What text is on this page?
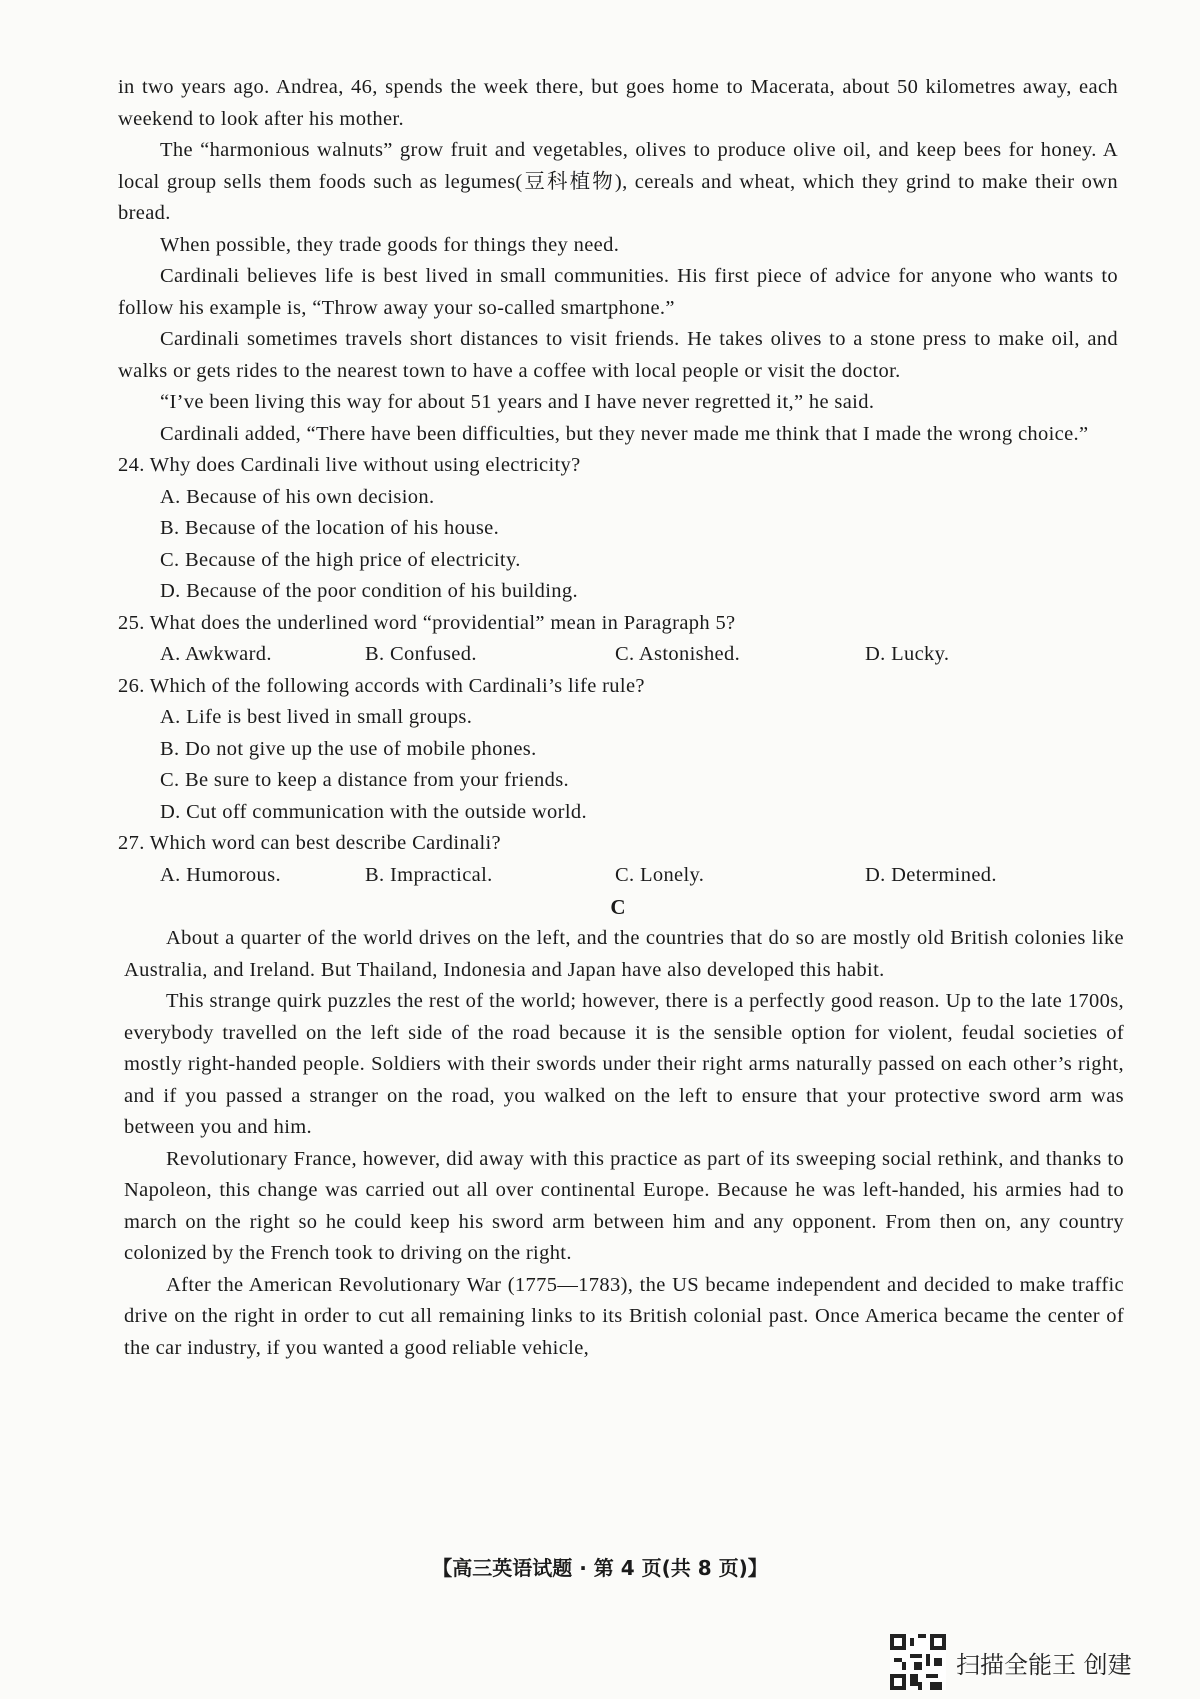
in two years ago. Andrea, 46, spends the week there, but goes home to Macerata, about 50 kilometres away, each weekend to look after his mother.

The “harmonious walnuts” grow fruit and vegetables, olives to produce olive oil, and keep bees for honey. A local group sells them foods such as legumes(豆科植物), cereals and wheat, which they grind to make their own bread.

When possible, they trade goods for things they need.

Cardinali believes life is best lived in small communities. His first piece of advice for anyone who wants to follow his example is, “Throw away your so-called smartphone.”

Cardinali sometimes travels short distances to visit friends. He takes olives to a stone press to make oil, and walks or gets rides to the nearest town to have a coffee with local people or visit the doctor.

“I’ve been living this way for about 51 years and I have never regretted it,” he said.

Cardinali added, “There have been difficulties, but they never made me think that I made the wrong choice.”

24. Why does Cardinali live without using electricity?

A. Because of his own decision.

B. Because of the location of his house.

C. Because of the high price of electricity.

D. Because of the poor condition of his building.

25. What does the underlined word “providential” mean in Paragraph 5?

A. Awkward.	B. Confused.	C. Astonished.	D. Lucky.

26. Which of the following accords with Cardinali’s life rule?

A. Life is best lived in small groups.

B. Do not give up the use of mobile phones.

C. Be sure to keep a distance from your friends.

D. Cut off communication with the outside world.

27. Which word can best describe Cardinali?

A. Humorous.	B. Impractical.	C. Lonely.	D. Determined.

C

About a quarter of the world drives on the left, and the countries that do so are mostly old British colonies like Australia, and Ireland. But Thailand, Indonesia and Japan have also developed this habit.

This strange quirk puzzles the rest of the world; however, there is a perfectly good reason. Up to the late 1700s, everybody travelled on the left side of the road because it is the sensible option for violent, feudal societies of mostly right-handed people. Soldiers with their swords under their right arms naturally passed on each other’s right, and if you passed a stranger on the road, you walked on the left to ensure that your protective sword arm was between you and him.

Revolutionary France, however, did away with this practice as part of its sweeping social rethink, and thanks to Napoleon, this change was carried out all over continental Europe. Because he was left-handed, his armies had to march on the right so he could keep his sword arm between him and any opponent. From then on, any country colonized by the French took to driving on the right.

After the American Revolutionary War (1775—1783), the US became independent and decided to make traffic drive on the right in order to cut all remaining links to its British colonial past. Once America became the center of the car industry, if you wanted a good reliable vehicle,

【高三英语试题 · 第 4 页(共 8 页)】
扫描全能王 创建
